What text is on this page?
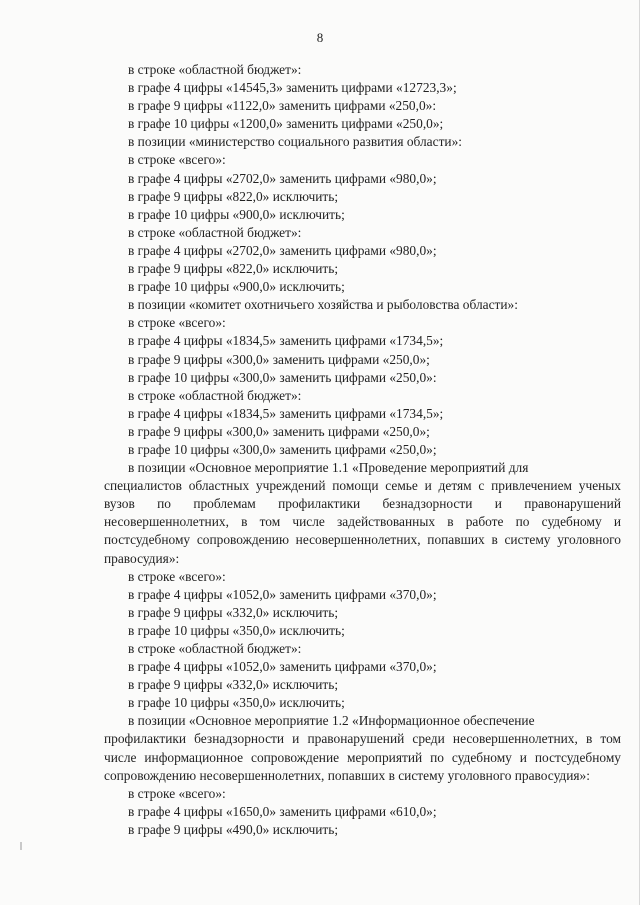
8
в строке «областной бюджет»:
в графе 4 цифры «14545,3» заменить цифрами «12723,3»;
в графе 9 цифры «1122,0» заменить цифрами «250,0»:
в графе 10 цифры «1200,0» заменить цифрами «250,0»;
в позиции «министерство социального развития области»:
в строке «всего»:
в графе 4 цифры «2702,0» заменить цифрами «980,0»;
в графе 9 цифры «822,0» исключить;
в графе 10 цифры «900,0» исключить;
в строке «областной бюджет»:
в графе 4 цифры «2702,0» заменить цифрами «980,0»;
в графе 9 цифры «822,0» исключить;
в графе 10 цифры «900,0» исключить;
в позиции «комитет охотничьего хозяйства и рыболовства области»:
в строке «всего»:
в графе 4 цифры «1834,5» заменить цифрами «1734,5»;
в графе 9 цифры «300,0» заменить цифрами «250,0»;
в графе 10 цифры «300,0» заменить цифрами «250,0»:
в строке «областной бюджет»:
в графе 4 цифры «1834,5» заменить цифрами «1734,5»;
в графе 9 цифры «300,0» заменить цифрами «250,0»;
в графе 10 цифры «300,0» заменить цифрами «250,0»;
в позиции «Основное мероприятие 1.1 «Проведение мероприятий для
специалистов областных учреждений помощи семье и детям с привлечением ученых вузов по проблемам профилактики безнадзорности и правонарушений несовершеннолетних, в том числе задействованных в работе по судебному и постсудебному сопровождению несовершеннолетних, попавших в систему уголовного правосудия»:
в строке «всего»:
в графе 4 цифры «1052,0» заменить цифрами «370,0»;
в графе 9 цифры «332,0» исключить;
в графе 10 цифры «350,0» исключить;
в строке «областной бюджет»:
в графе 4 цифры «1052,0» заменить цифрами «370,0»;
в графе 9 цифры «332,0» исключить;
в графе 10 цифры «350,0» исключить;
в позиции «Основное мероприятие 1.2 «Информационное обеспечение
профилактики безнадзорности и правонарушений среди несовершеннолетних, в том числе информационное сопровождение мероприятий по судебному и постсудебному сопровождению несовершеннолетних, попавших в систему уголовного правосудия»:
в строке «всего»:
в графе 4 цифры «1650,0» заменить цифрами «610,0»;
в графе 9 цифры «490,0» исключить;
